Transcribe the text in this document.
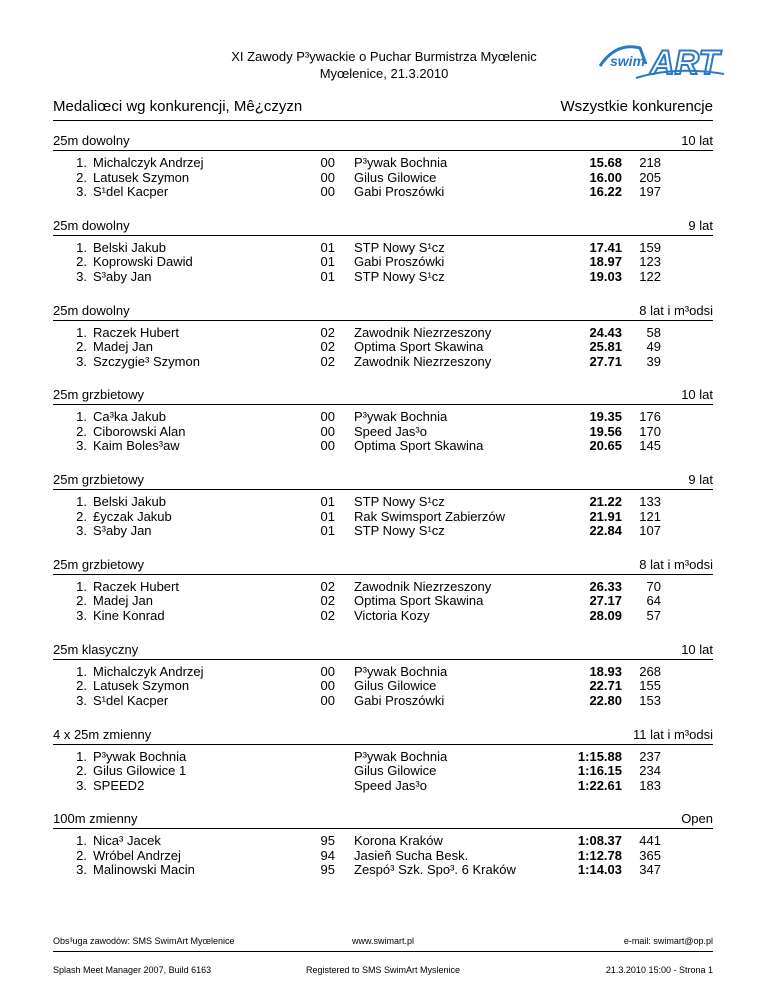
XI Zawody P³ywackie o Puchar Burmistrza Myœlenic
Myœlenice, 21.3.2010
swim ART
Medaliœci wg konkurencji, Mê¿czyzn	Wszystkie konkurencje
25m dowolny	10 lat
1. Michalczyk Andrzej	00 P³ywak Bochnia	15.68 218
2. Latusek Szymon	00 Gilus Gilowice	16.00 205
3. S¹del Kacper	00 Gabi Proszówki	16.22 197
25m dowolny	9 lat
1. Belski Jakub	01 STP Nowy S¹cz	17.41 159
2. Koprowski Dawid	01 Gabi Proszówki	18.97 123
3. S³aby Jan	01 STP Nowy S¹cz	19.03 122
25m dowolny	8 lat i m³odsi
1. Raczek Hubert	02 Zawodnik Niezrzeszony	24.43	58
2. Madej Jan	02 Optima Sport Skawina	25.81	49
3. Szczygie³ Szymon	02 Zawodnik Niezrzeszony	27.71	39
25m grzbietowy	10 lat
1. Ca³ka Jakub	00 P³ywak Bochnia	19.35 176
2. Ciborowski Alan	00 Speed Jas³o	19.56 170
3. Kaim Boles³aw	00 Optima Sport Skawina	20.65 145
25m grzbietowy	9 lat
1. Belski Jakub	01 STP Nowy S¹cz	21.22 133
2. £yczak Jakub	01 Rak Swimsport Zabierzów	21.91 121
3. S³aby Jan	01 STP Nowy S¹cz	22.84 107
25m grzbietowy	8 lat i m³odsi
1. Raczek Hubert	02 Zawodnik Niezrzeszony	26.33	70
2. Madej Jan	02 Optima Sport Skawina	27.17	64
3. Kine Konrad	02 Victoria Kozy	28.09	57
25m klasyczny	10 lat
1. Michalczyk Andrzej	00 P³ywak Bochnia	18.93 268
2. Latusek Szymon	00 Gilus Gilowice	22.71 155
3. S¹del Kacper	00 Gabi Proszówki	22.80 153
4 x 25m zmienny	11 lat i m³odsi
1. P³ywak Bochnia	P³ywak Bochnia	1:15.88 237
2. Gilus Gilowice 1	Gilus Gilowice	1:16.15 234
3. SPEED2	Speed Jas³o	1:22.61 183
100m zmienny	Open
1. Nica³ Jacek	95 Korona Kraków	1:08.37 441
2. Wróbel Andrzej	94 Jasieñ Sucha Besk.	1:12.78 365
3. Malinowski Macin	95 Zespó³ Szk. Spo³. 6 Kraków	1:14.03 347
Obs³uga zawodów: SMS SwimArt Myœlenice	www.swimart.pl	e-mail: swimart@op.pl
Splash Meet Manager 2007, Build 6163	Registered to SMS SwimArt Myslenice	21.3.2010 15:00 - Strona 1
